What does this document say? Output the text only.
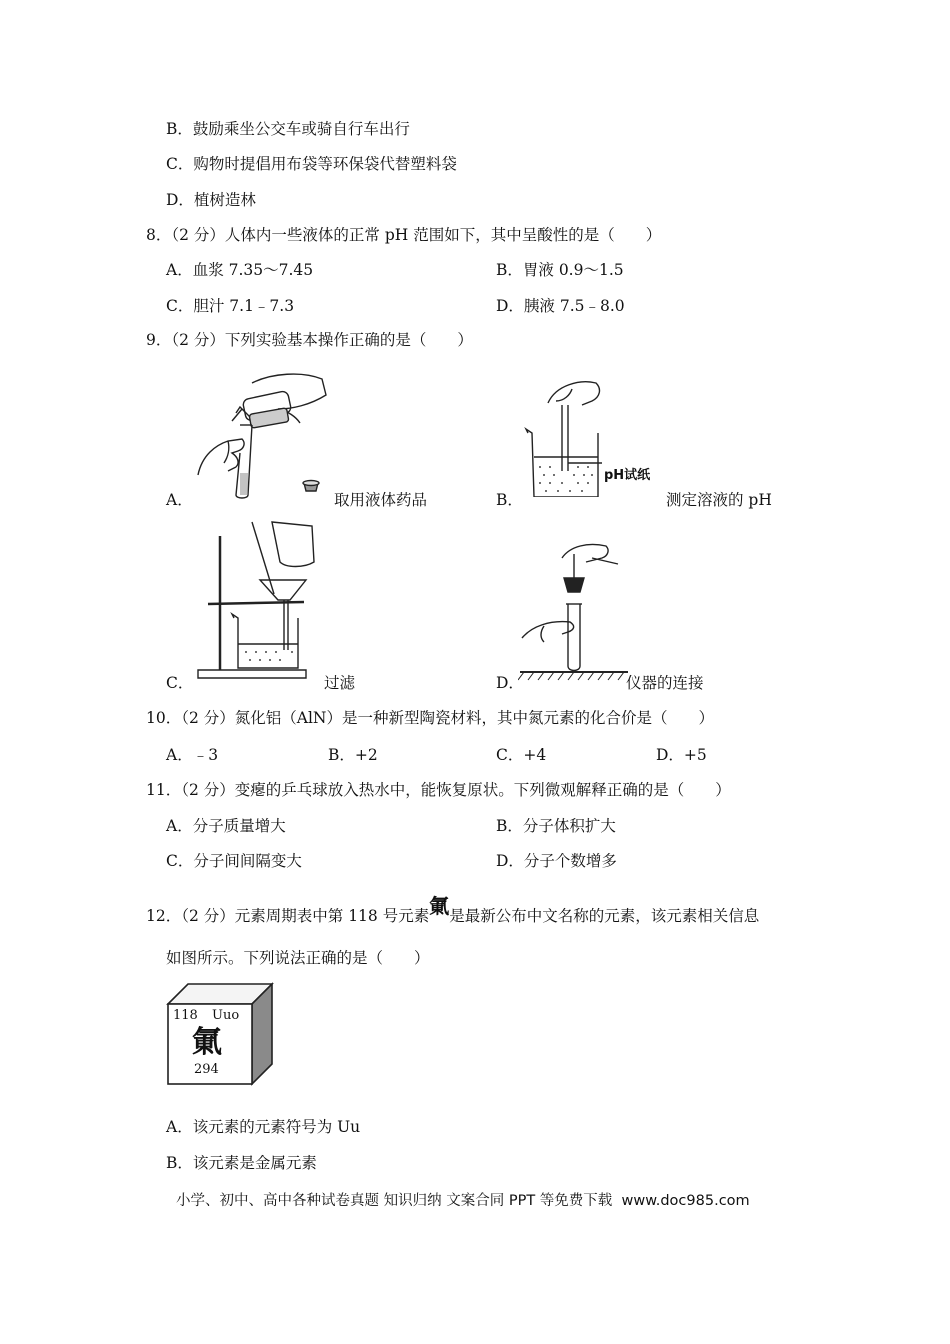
B．鼓励乘坐公交车或骑自行车出行
C．购物时提倡用布袋等环保袋代替塑料袋
D．植树造林
8．（2 分）人体内一些液体的正常 pH 范围如下，其中呈酸性的是（　　）
A．血浆 7.35～7.45	B．胃液 0.9～1.5
C．胆汁 7.1﹣7.3	D．胰液 7.5﹣8.0
9．（2 分）下列实验基本操作正确的是（　　）
A．	取用液体药品
pH试纸
B．	测定溶液的 pH
C．	过滤	D．	仪器的连接
10．（2 分）氮化铝（AlN）是一种新型陶瓷材料，其中氮元素的化合价是（　　）
A．﹣3	B．+2	C．+4	D．+5
11．（2 分）变瘪的乒乓球放入热水中，能恢复原状。下列微观解释正确的是（　　）
A．分子质量增大	B．分子体积扩大
C．分子间间隔变大	D．分子个数增多
12．（2 分）元素周期表中第 118 号元素氭是最新公布中文名称的元素，该元素相关信息
如图所示。下列说法正确的是（　　）
118 Uuo
氭
294
A．该元素的元素符号为 Uu
B．该元素是金属元素
小学、初中、高中各种试卷真题 知识归纳 文案合同 PPT 等免费下载 www.doc985.com
